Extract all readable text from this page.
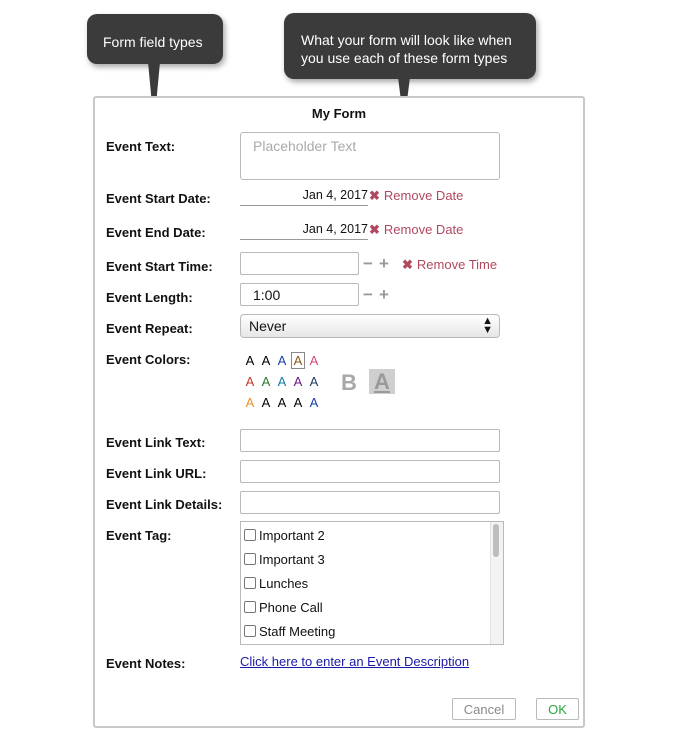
Form field types	What your form will look like when you use each of these form types
My Form
Event Text:	Placeholder Text
Event Start Date:	Jan 4, 2017 ✖ Remove Date
Event End Date:	Jan 4, 2017 ✖ Remove Date
Event Start Time:	− + ✖ Remove Time
Event Length:	1:00	− +
Event Repeat:	Never	▲
▼
Event Colors:	A A A A A
A A A A A
A A A A A
B A
Event Link Text:
Event Link URL:
Event Link Details:
Event Tag:	Important 2
Important 3
Lunches
Phone Call
Staff Meeting
Event Notes:	Click here to enter an Event Description
Cancel	OK
